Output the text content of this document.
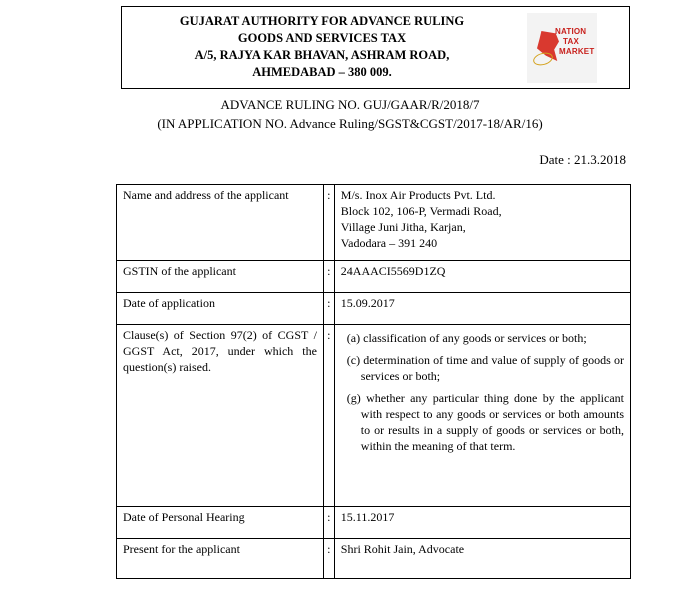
GUJARAT AUTHORITY FOR ADVANCE RULING
GOODS AND SERVICES TAX
A/5, RAJYA KAR BHAVAN, ASHRAM ROAD,
AHMEDABAD – 380 009.
NATION
TAX
MARKET
ADVANCE RULING NO. GUJ/GAAR/R/2018/7
(IN APPLICATION NO. Advance Ruling/SGST&CGST/2017-18/AR/16)
Date : 21.3.2018
Name and address of the applicant	:	M/s. Inox Air Products Pvt. Ltd.
Block 102, 106-P, Vermadi Road,
Village Juni Jitha, Karjan,
Vadodara – 391 240

GSTIN of the applicant	:	24AAACI5569D1ZQ
Date of application	:	15.09.2017

Clause(s) of Section 97(2) of CGST / GGST Act, 2017, under which the question(s) raised.	:	(a) classification of any goods or services or both;
(c) determination of time and value of supply of goods or services or both;
(g) whether any particular thing done by the applicant with respect to any goods or services or both amounts to or results in a supply of goods or services or both, within the meaning of that term.

Date of Personal Hearing	:	15.11.2017
Present for the applicant	:	Shri Rohit Jain, Advocate
